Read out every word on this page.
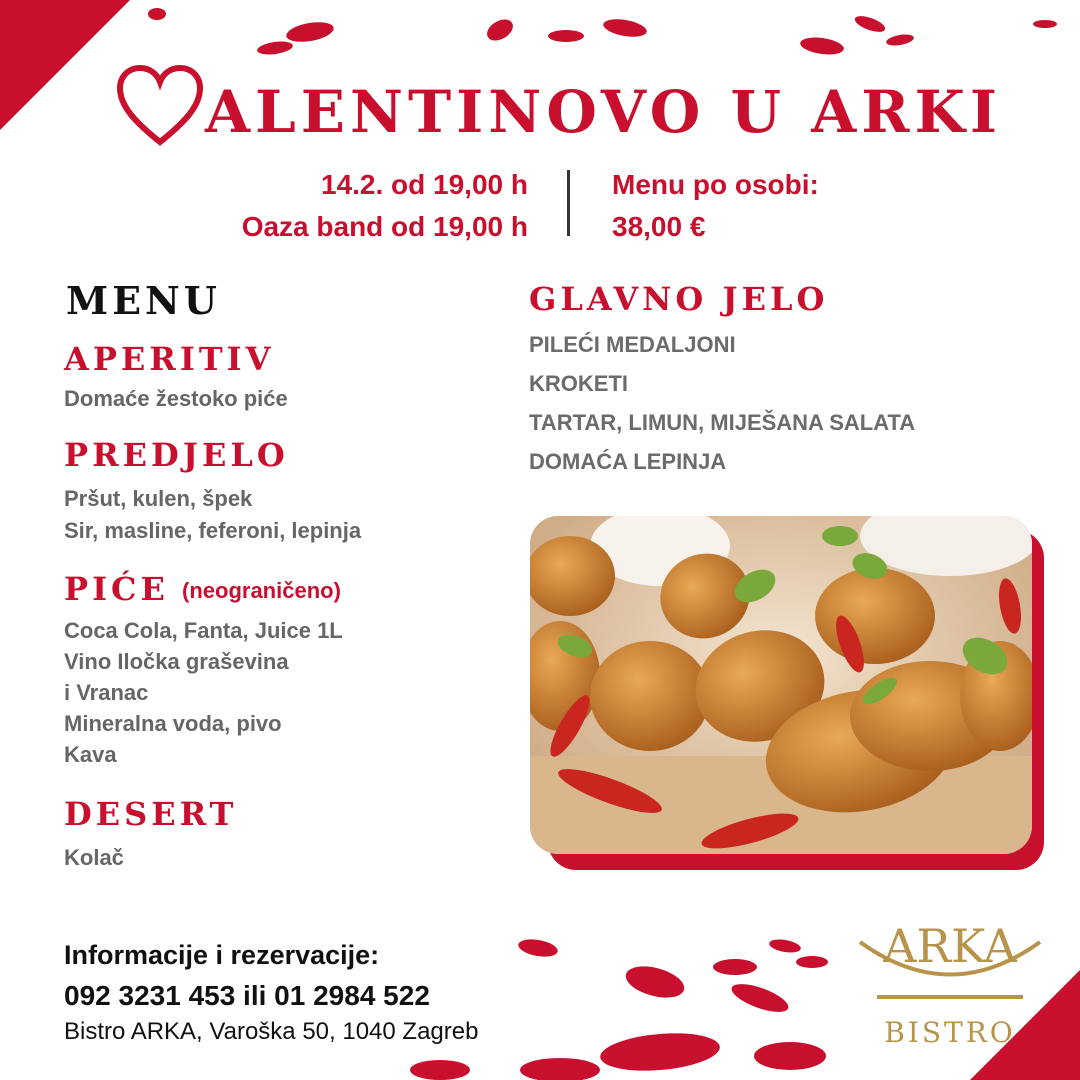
ALENTINOVO U ARKI
14.2. od 19,00 h
Oaza band od 19,00 h
Menu po osobi:
38,00 €
MENU
APERITIV
Domaće žestoko piće
PREDJELO
Pršut, kulen, špek
Sir, masline, feferoni, lepinja
PIĆE (neograničeno)
Coca Cola, Fanta, Juice 1L
Vino Iločka graševina
i Vranac
Mineralna voda, pivo
Kava
DESERT
Kolač
GLAVNO JELO
PILEĆI MEDALJONI
KROKETI
TARTAR, LIMUN, MIJEŠANA SALATA
DOMAĆA LEPINJA
Informacije i rezervacije:
092 3231 453 ili 01 2984 522
Bistro ARKA, Varoška 50, 1040 Zagreb
ARKA
BISTRO
